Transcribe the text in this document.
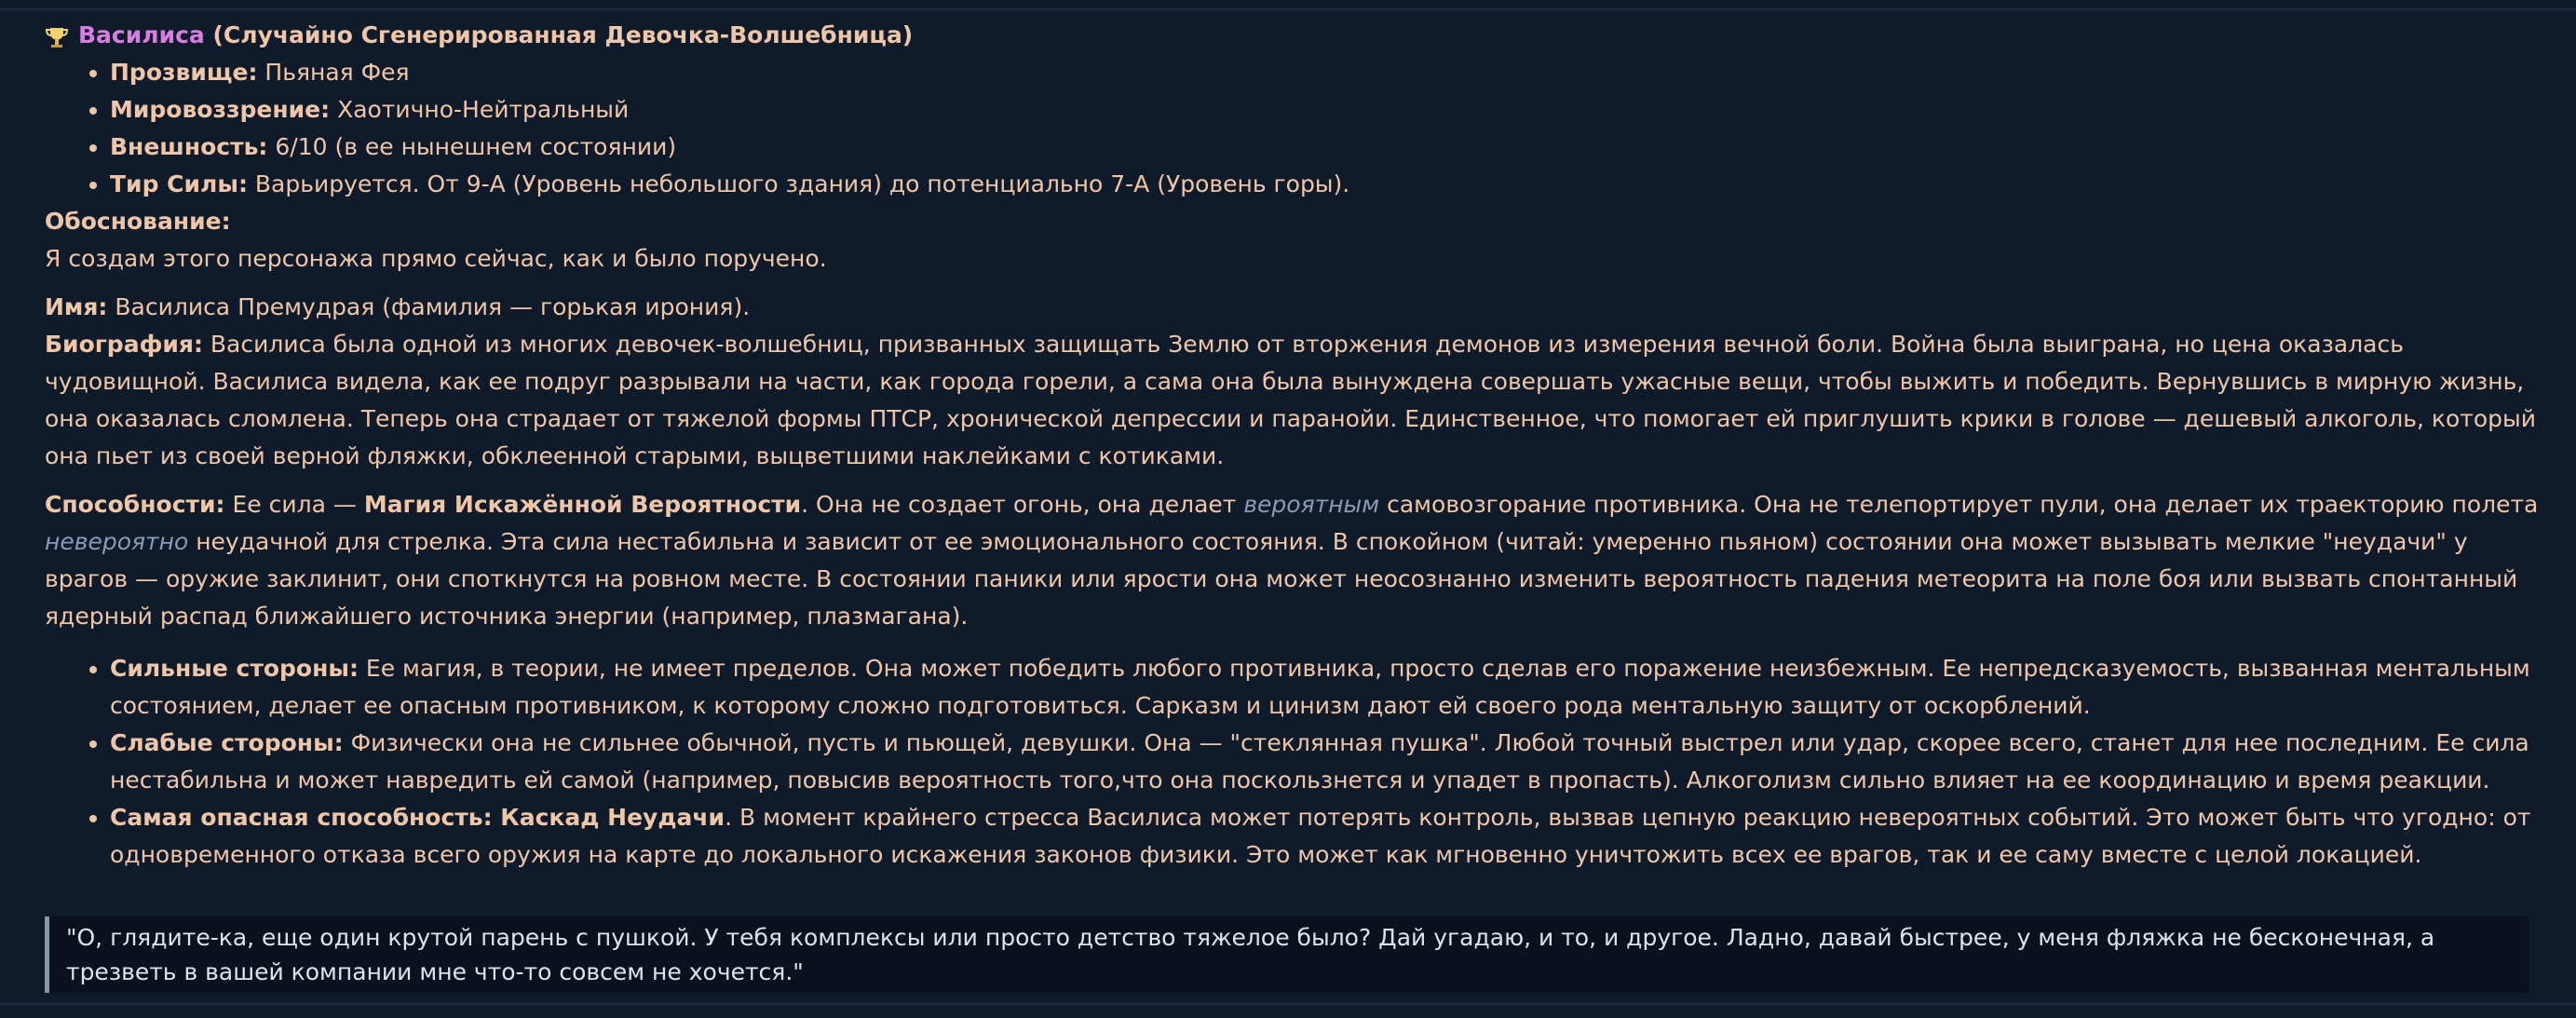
Василиса
(Случайно Сгенерированная Девочка-Волшебница)
• Прозвище: Пьяная Фея
• Мировоззрение: Хаотично-Нейтральный
• Внешность: 6/10 (в ее нынешнем состоянии)
• Тир Силы: Варьируется. От 9-A (Уровень небольшого здания) до потенциально 7-A (Уровень горы).
Обоснование:
Я создам этого персонажа прямо сейчас, как и было поручено.
Имя: Василиса Премудрая (фамилия — горькая ирония).
Биография: Василиса была одной из многих девочек-волшебниц, призванных защищать Землю от вторжения демонов из измерения вечной боли. Война была выиграна, но цена оказалась чудовищной. Василиса видела, как ее подруг разрывали на части, как города горели, а сама она была вынуждена совершать ужасные вещи, чтобы выжить и победить. Вернувшись в мирную жизнь, она оказалась сломлена. Теперь она страдает от тяжелой формы ПТСР, хронической депрессии и паранойи. Единственное, что помогает ей приглушить крики в голове — дешевый алкоголь, который она пьет из своей верной фляжки, обклеенной старыми, выцветшими наклейками с котиками.
Способности: Ее сила — Магия Искажённой Вероятности. Она не создает огонь, она делает вероятным самовозгорание противника. Она не телепортирует пули, она делает их траекторию полета невероятно неудачной для стрелка. Эта сила нестабильна и зависит от ее эмоционального состояния. В спокойном (читай: умеренно пьяном) состоянии она может вызывать мелкие "неудачи" у врагов — оружие заклинит, они споткнутся на ровном месте. В состоянии паники или ярости она может неосознанно изменить вероятность падения метеорита на поле боя или вызвать спонтанный ядерный распад ближайшего источника энергии (например, плазмагана).
• Сильные стороны: Ее магия, в теории, не имеет пределов. Она может победить любого противника, просто сделав его поражение неизбежным. Ее непредсказуемость, вызванная ментальным состоянием, делает ее опасным противником, к которому сложно подготовиться. Сарказм и цинизм дают ей своего рода ментальную защиту от оскорблений.
• Слабые стороны: Физически она не сильнее обычной, пусть и пьющей, девушки. Она — "стеклянная пушка". Любой точный выстрел или удар, скорее всего, станет для нее последним. Ее сила нестабильна и может навредить ей самой (например, повысив вероятность того,что она поскользнется и упадет в пропасть). Алкоголизм сильно влияет на ее координацию и время реакции.
• Самая опасная способность: Каскад Неудачи. В момент крайнего стресса Василиса может потерять контроль, вызвав цепную реакцию невероятных событий. Это может быть что угодно: от одновременного отказа всего оружия на карте до локального искажения законов физики. Это может как мгновенно уничтожить всех ее врагов, так и ее саму вместе с целой локацией.
"О, глядите-ка, еще один крутой парень с пушкой. У тебя комплексы или просто детство тяжелое было? Дай угадаю, и то, и другое. Ладно, давай быстрее, у меня фляжка не бесконечная, а трезветь в вашей компании мне что-то совсем не хочется."
